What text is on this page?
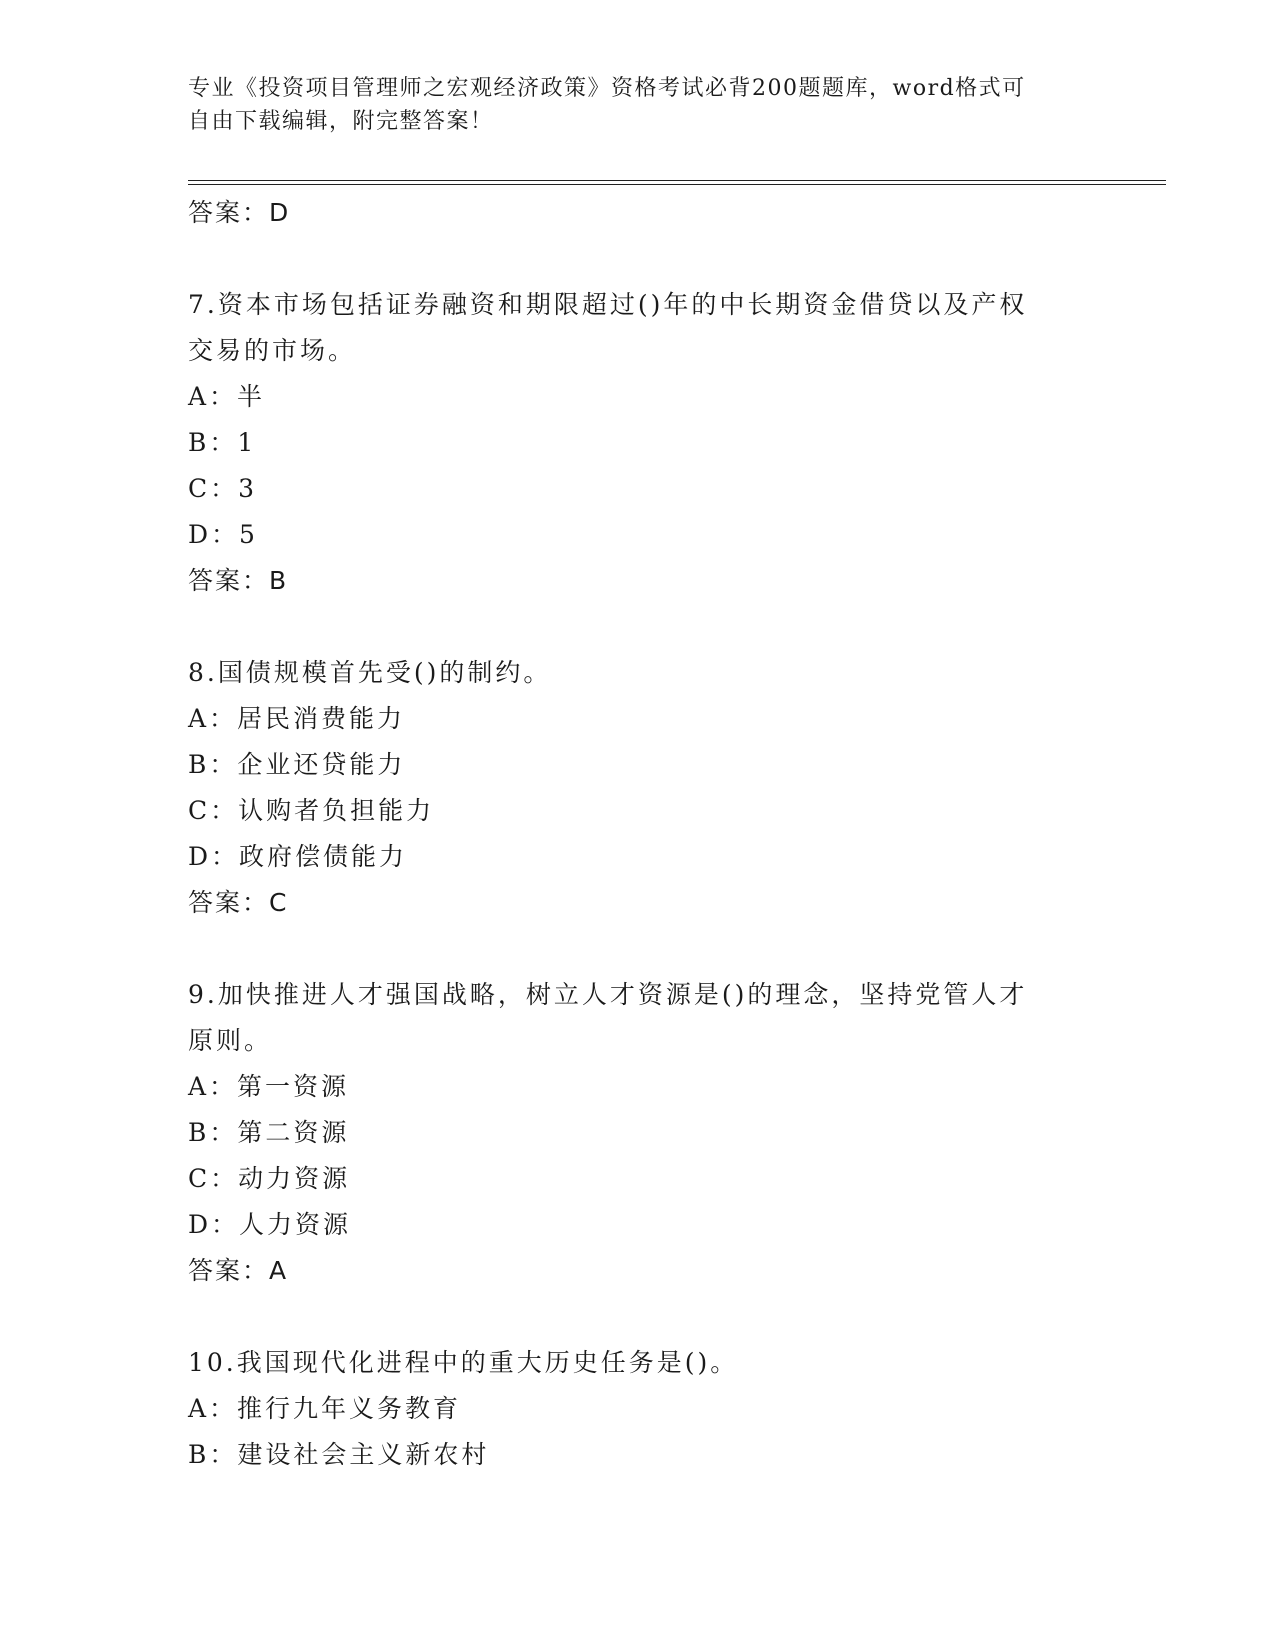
专业《投资项目管理师之宏观经济政策》资格考试必背200题题库，word格式可
自由下载编辑，附完整答案！
答案：D
7.资本市场包括证券融资和期限超过()年的中长期资金借贷以及产权
交易的市场。
A：半
B：1
C：3
D：5
答案：B
8.国债规模首先受()的制约。
A：居民消费能力
B：企业还贷能力
C：认购者负担能力
D：政府偿债能力
答案：C
9.加快推进人才强国战略，树立人才资源是()的理念，坚持党管人才
原则。
A：第一资源
B：第二资源
C：动力资源
D：人力资源
答案：A
10.我国现代化进程中的重大历史任务是()。
A：推行九年义务教育
B：建设社会主义新农村
